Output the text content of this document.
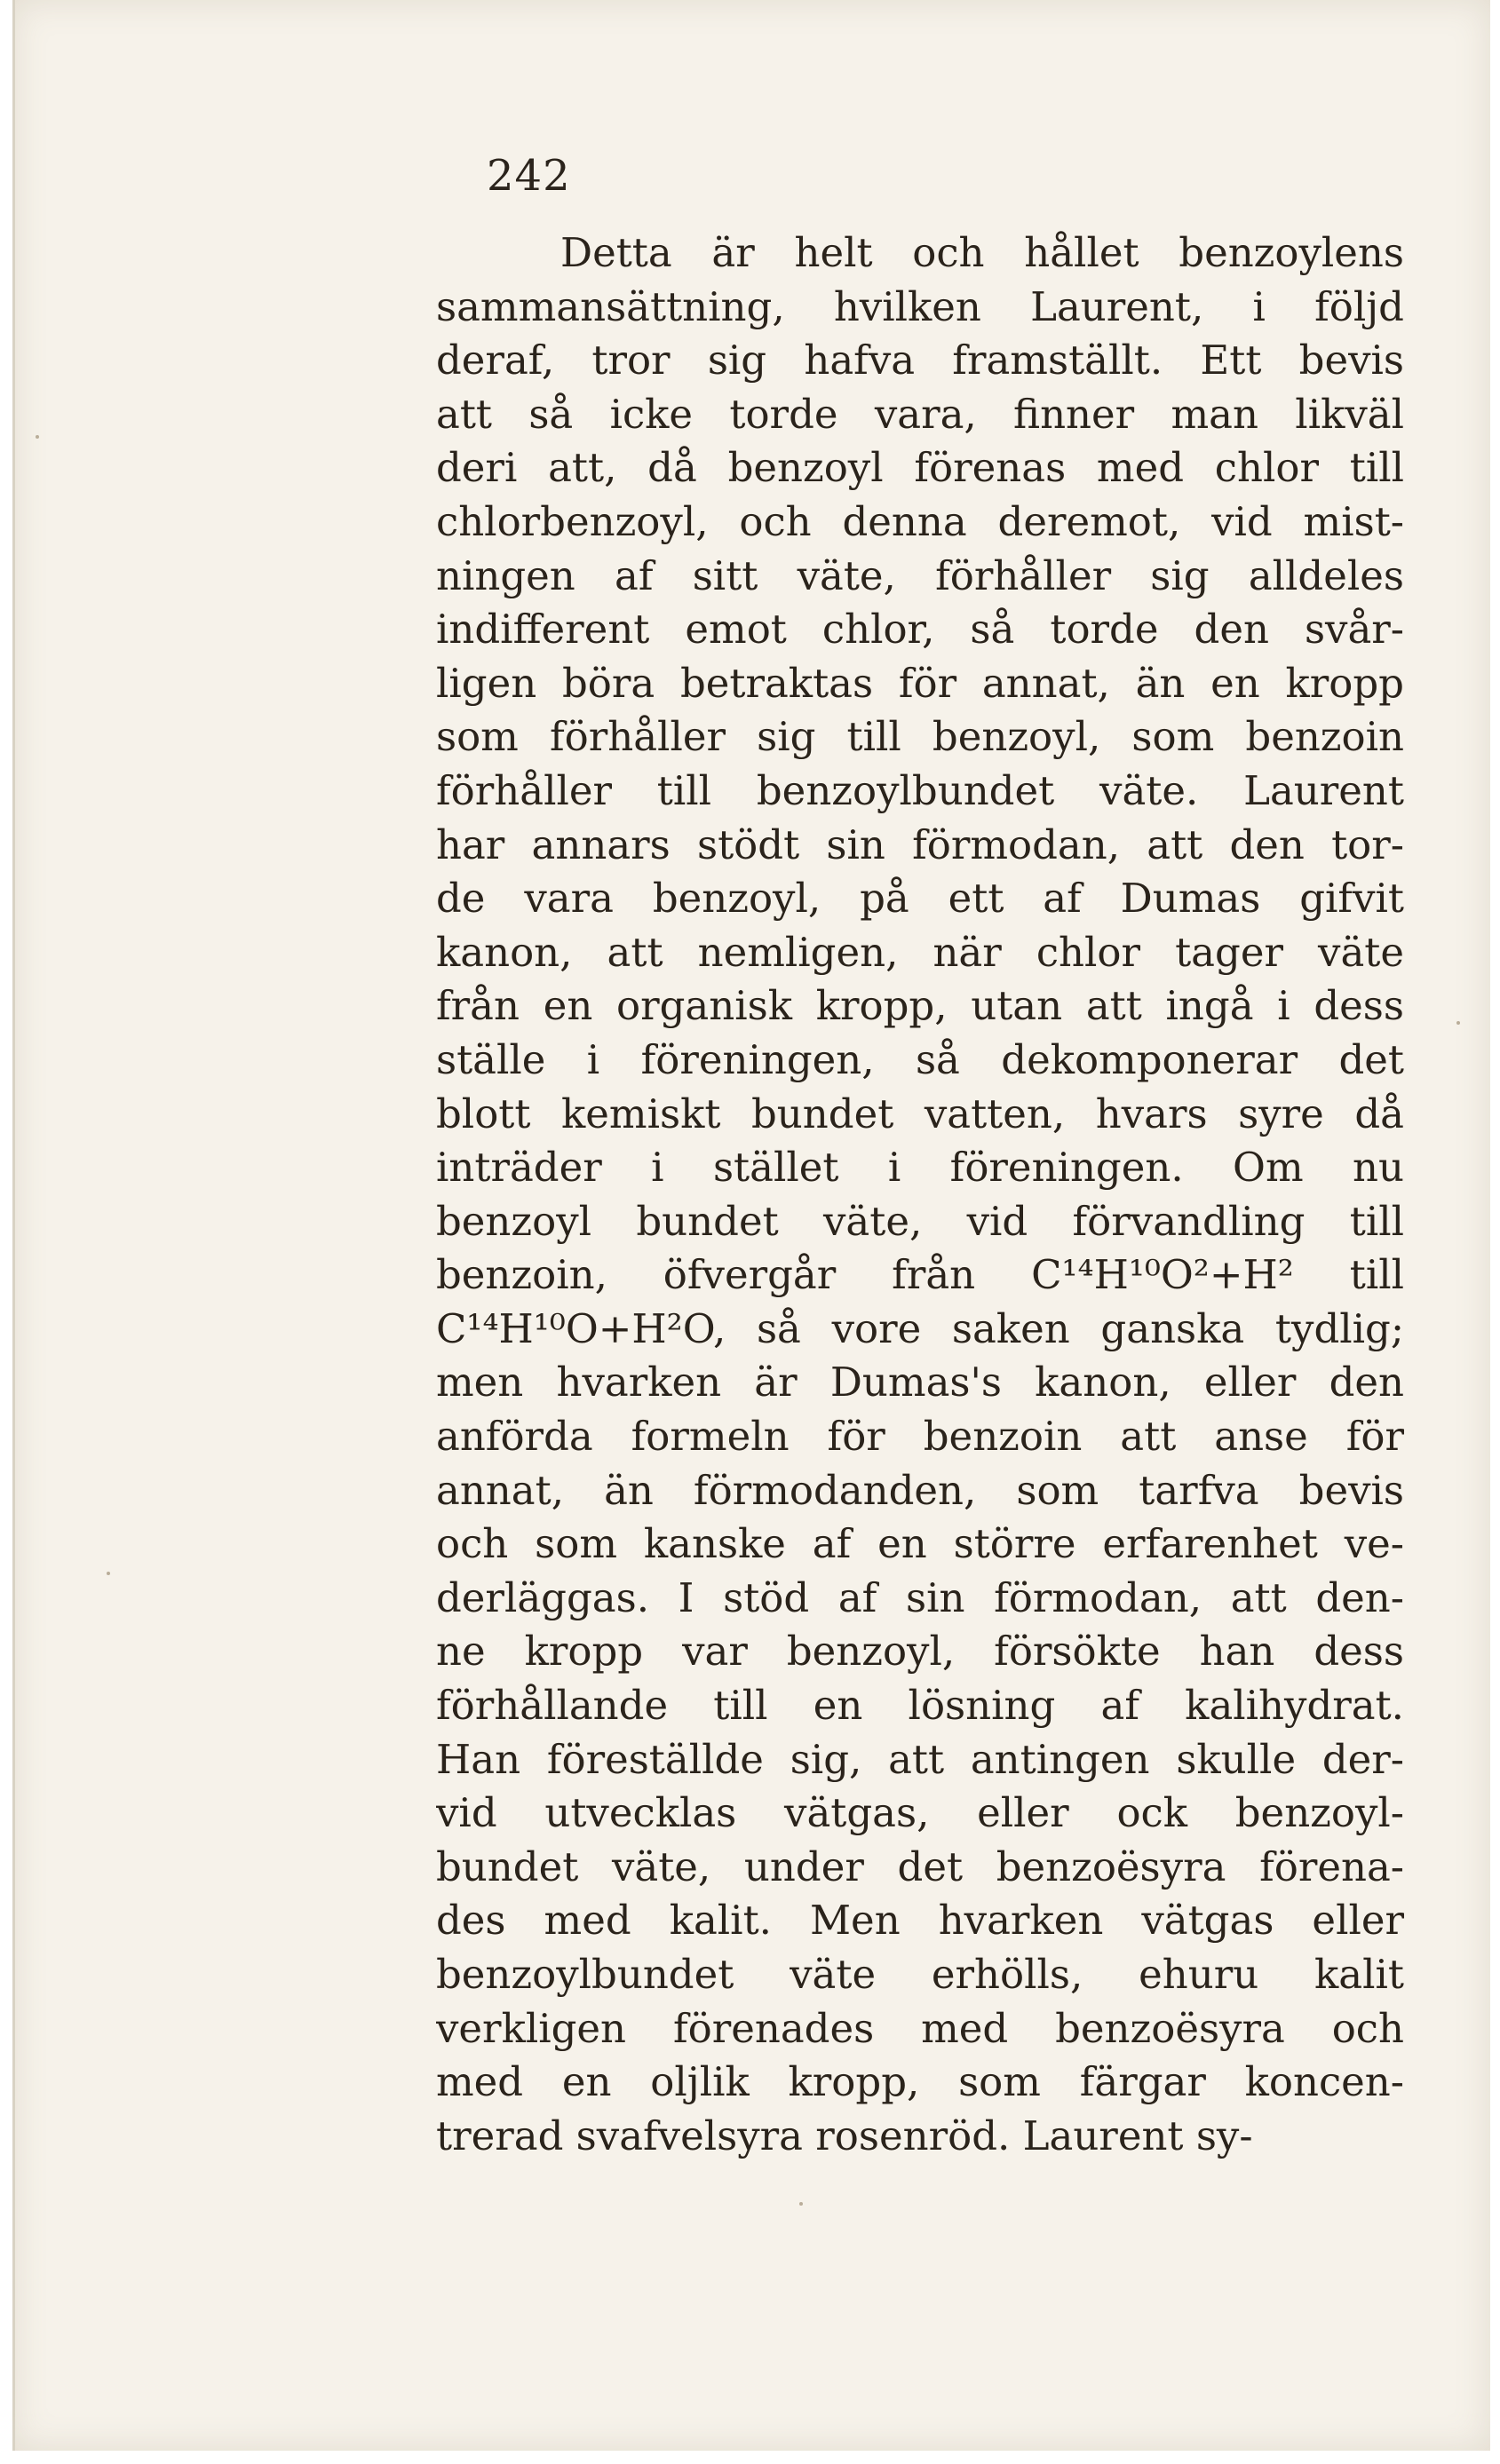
242
Detta är helt och hållet benzoylens
sammansättning, hvilken Laurent, i följd
deraf, tror sig hafva framställt. Ett bevis
att så icke torde vara, finner man likväl
deri att, då benzoyl förenas med chlor till
chlorbenzoyl, och denna deremot, vid mist-
ningen af sitt väte, förhåller sig alldeles
indifferent emot chlor, så torde den svår-
ligen böra betraktas för annat, än en kropp
som förhåller sig till benzoyl, som benzoin
förhåller till benzoylbundet väte. Laurent
har annars stödt sin förmodan, att den tor-
de vara benzoyl, på ett af Dumas gifvit
kanon, att nemligen, när chlor tager väte
från en organisk kropp, utan att ingå i dess
ställe i föreningen, så dekomponerar det
blott kemiskt bundet vatten, hvars syre då
inträder i stället i föreningen. Om nu
benzoyl bundet väte, vid förvandling till
benzoin, öfvergår från C¹⁴H¹⁰O²+H² till
C¹⁴H¹⁰O+H²O, så vore saken ganska tydlig;
men hvarken är Dumas's kanon, eller den
anförda formeln för benzoin att anse för
annat, än förmodanden, som tarfva bevis
och som kanske af en större erfarenhet ve-
derläggas. I stöd af sin förmodan, att den-
ne kropp var benzoyl, försökte han dess
förhållande till en lösning af kalihydrat.
Han föreställde sig, att antingen skulle der-
vid utvecklas vätgas, eller ock benzoyl-
bundet väte, under det benzoësyra förena-
des med kalit. Men hvarken vätgas eller
benzoylbundet väte erhölls, ehuru kalit
verkligen förenades med benzoësyra och
med en oljlik kropp, som färgar koncen-
trerad svafvelsyra rosenröd. Laurent sy-
